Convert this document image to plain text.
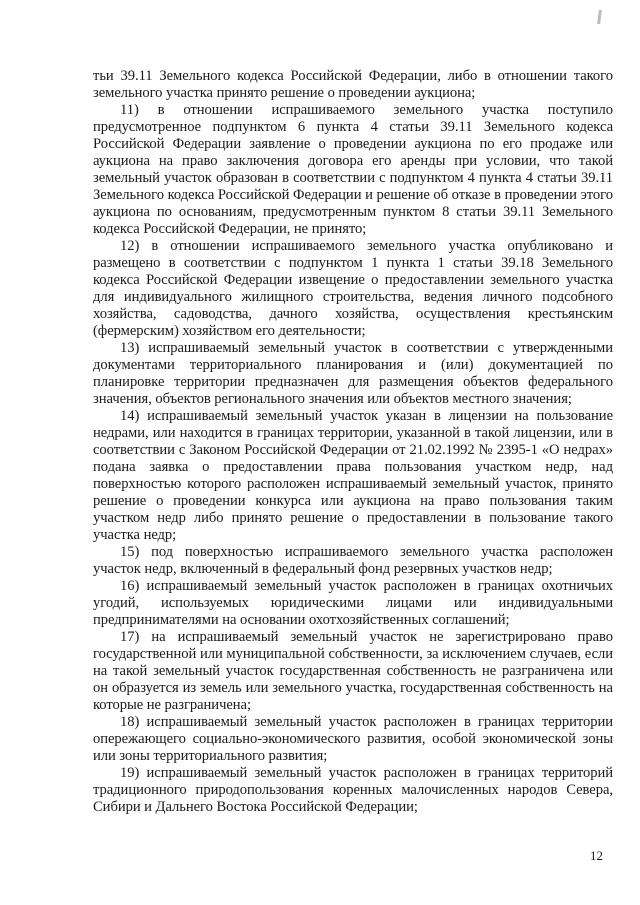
тьи 39.11 Земельного кодекса Российской Федерации, либо в отношении такого земельного участка принято решение о проведении аукциона;

11) в отношении испрашиваемого земельного участка поступило предусмотренное подпунктом 6 пункта 4 статьи 39.11 Земельного кодекса Российской Федерации заявление о проведении аукциона по его продаже или аукциона на право заключения договора его аренды при условии, что такой земельный участок образован в соответствии с подпунктом 4 пункта 4 статьи 39.11 Земельного кодекса Российской Федерации и решение об отказе в проведении этого аукциона по основаниям, предусмотренным пунктом 8 статьи 39.11 Земельного кодекса Российской Федерации, не принято;

12) в отношении испрашиваемого земельного участка опубликовано и размещено в соответствии с подпунктом 1 пункта 1 статьи 39.18 Земельного кодекса Российской Федерации извещение о предоставлении земельного участка для индивидуального жилищного строительства, ведения личного подсобного хозяйства, садоводства, дачного хозяйства, осуществления крестьянским (фермерским) хозяйством его деятельности;

13) испрашиваемый земельный участок в соответствии с утвержденными документами территориального планирования и (или) документацией по планировке территории предназначен для размещения объектов федерального значения, объектов регионального значения или объектов местного значения;

14) испрашиваемый земельный участок указан в лицензии на пользование недрами, или находится в границах территории, указанной в такой лицензии, или в соответствии с Законом Российской Федерации от 21.02.1992 № 2395-1 «О недрах» подана заявка о предоставлении права пользования участком недр, над поверхностью которого расположен испрашиваемый земельный участок, принято решение о проведении конкурса или аукциона на право пользования таким участком недр либо принято решение о предоставлении в пользование такого участка недр;

15) под поверхностью испрашиваемого земельного участка расположен участок недр, включенный в федеральный фонд резервных участков недр;

16) испрашиваемый земельный участок расположен в границах охотничьих угодий, используемых юридическими лицами или индивидуальными предпринимателями на основании охотхозяйственных соглашений;

17) на испрашиваемый земельный участок не зарегистрировано право государственной или муниципальной собственности, за исключением случаев, если на такой земельный участок государственная собственность не разграничена или он образуется из земель или земельного участка, государственная собственность на которые не разграничена;

18) испрашиваемый земельный участок расположен в границах территории опережающего социально-экономического развития, особой экономической зоны или зоны территориального развития;

19) испрашиваемый земельный участок расположен в границах территорий традиционного природопользования коренных малочисленных народов Севера, Сибири и Дальнего Востока Российской Федерации;

12
